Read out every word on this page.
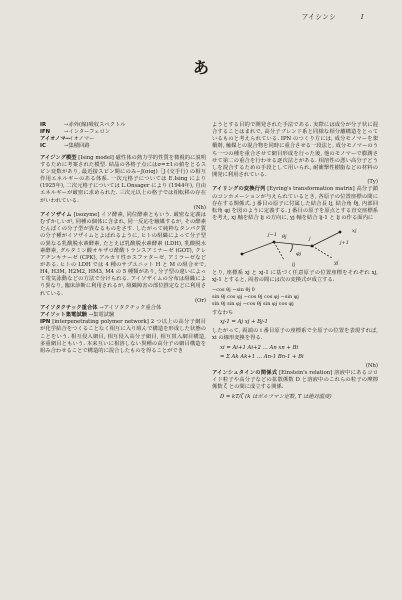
アイシンシ	I
あ
IR	→赤外(線)吸収スペクトル
IFN	→インターフェロン
アイオノマー→イオノマー
IC	→集積回路

アイジング模型 [Ising model] 磁性体の熱力学的性質を微視的に説明するために考案された模型. 結晶の各格子点にはσ=±1の値をとるスピン変数があり, 最近接スピン間にのみ−J(σiσj)［J (交手行) の相互作用エネルギーのある体系. 一次元格子については E.Ising により (1925年), 二次元格子については L.Onsager により (1944年), 自由エネルギーが厳密に求められた. 三次元以上の格子では相転移の存在がいわれている.
(Nh)

アイソザイム [isozyme] イソ酵素, 同位酵素ともいう. 厳密な定義はむずかしいが, 同種の個体に含まれ, 同一反応を触媒するが, その酵素たんぱくの分子型が異なるものをさす. したがって純粋なタンパク質の分子種がイソザイムとよばれるように, ヒトの組織によって分子型の異なる乳酸脱水素酵素, たとえば乳酸脱水素酵素 (LDH), 乳酸脱水素酵素, グルタミン酸オキザロ酢酸トランスアミナーゼ (GOT), クレアチンキナーゼ (CPK), アルカリ性ホスファターゼ, アミラーゼなどがある. ヒトの LDH では 4 種のサブユニット H と M の組合せで, H4, H3M, H2M2, HM3, M4 の 5 種類があり, 分子型の違いによって電気泳動などの方法で分けられる. アイソザイムの分布は組織により異なり, 臨床診断に利用されるが, 組織障害の部位推定などに利用されている.
(Or)

アイソタクチック重合体 →アイソタクチック重合体

アイソット集電試験 →集電試験

IPN [interpenetrating polymer network] 2 つ以上の高分子網目が化学結合をつくることなく相互に入り組んで構造を形成した状態のことをいう. 相互侵入網目, 相互侵入高分子網目, 相互貫入網目構造, 多重網目ともいう. 本来互いに相溶しない異種の高分子の網目構造を組み合わせることで構造的に混合したものを得ることができ

ようとする目的で開発された手法である. 実際には成分が分子状に混合することはまれで, 高分子ブレンド系と同様な相分離構造をとっているものと考えられている. IPN のつくり方には, 成分モノマーを架橋剤, 触媒との混合物を同時に重合させる一段法と, 成分モノマーのうち一つの種を重合させて網目形成を行った後, 他のモノマーで膨潤させて第二の重合を行わせる逐次法とがある. 相溶性の悪い高分子どうしを混合するための手段として用いられ, 耐衝撃性樹脂などの材料の開発に利用されている.
(Ty)

アイリングの変換行列 [Eyring's transformation matrix] 高分子鎖のコンホメーションが与えられているとき, 各原子の位置座標の間に存在する関係式. j 番目の原子に付属した結合長 lj, 結合角 θj, 内部回転角 φj を図のように定義する. j 番目の原子を原点とする直交座標系を考え, xj 軸を結合 lj の方向に, yj 軸を結合 lj-1 と lj の作る面内に

j−1
j
j+1
φj
θj
lj
xj
yj

とり, 座標系 xj と xj-1 に基づく任意原子の位置座標をそれぞれ xj, xj-1 とすると, 両者の間には次の変換式が成立する.

−cos θj −sin θj 0
sin θj cos φj −cos θj cos φj −sin φj
sin θj sin φj −cos θj sin φj cos φj

すなわち

xj-1 = Aj xj + Bj-1

したがって, 両端の i 番目原子の座標系で全原子の位置を表現すれば, xi の線形変換を得る.

xi = Ai+1 Ai+2 … An xn + Bi
= Σ Ak Ak+1 … An-1 Bn-1 + Bi
(Nh)

アインシュタインの関係式 [Einstein's relation] 溶液中にあるコロイド粒子や高分子などの拡散係数 D と溶液中のこれらの粒子の摩擦係数 ζ との間に成立する関係.

D = kT/ζ (k はボルツマン定数, T は絶対温度)
